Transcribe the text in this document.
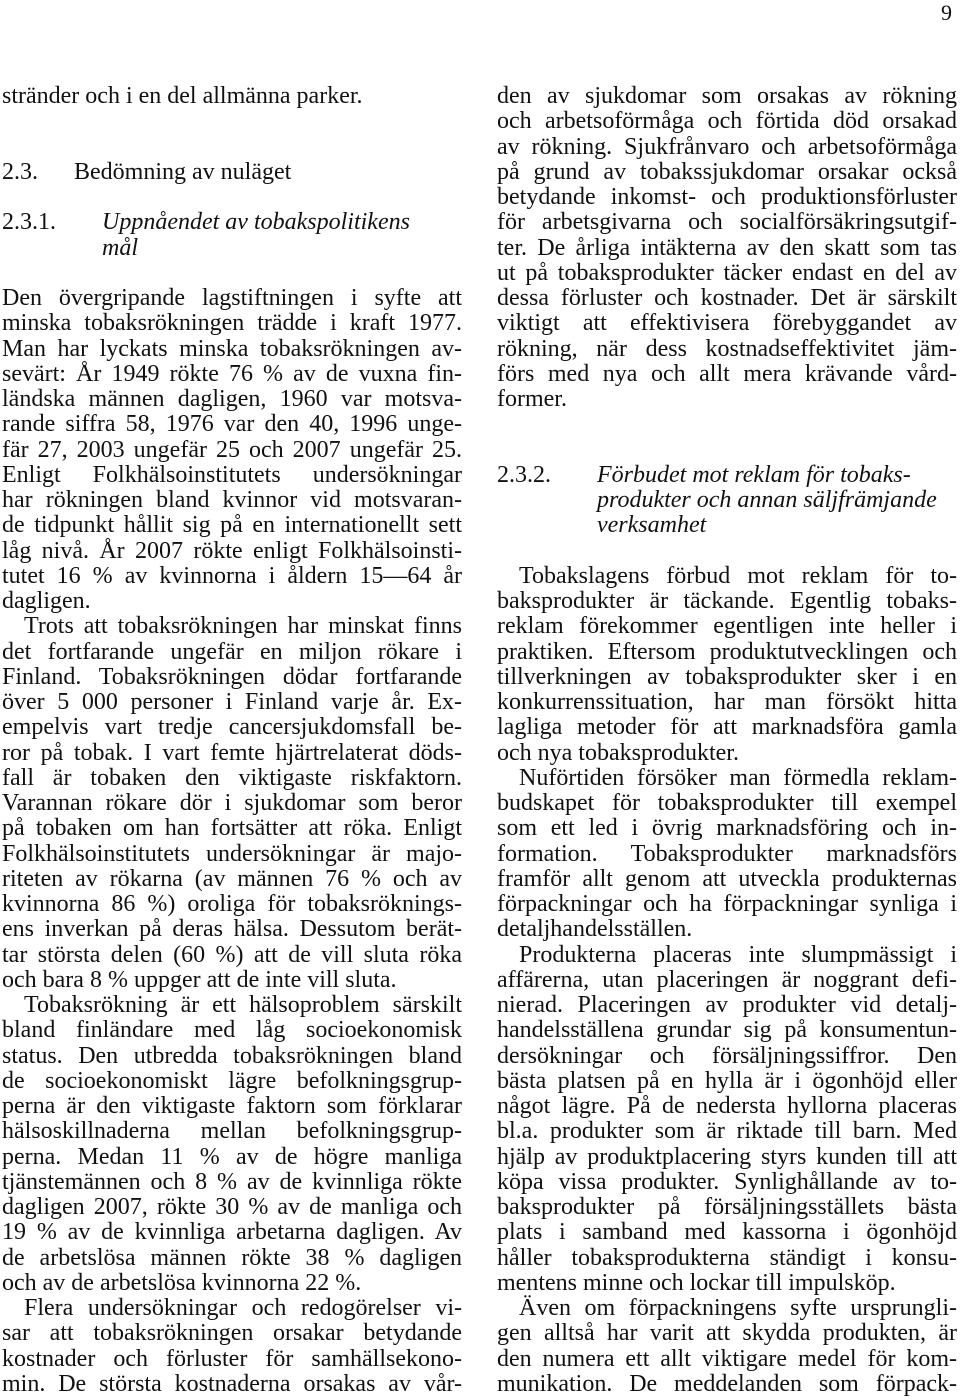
9
stränder och i en del allmänna parker.
2.3.	Bedömning av nuläget
2.3.1.	Uppnåendet av tobakspolitikens
mål
Den övergripande lagstiftningen i syfte att
minska tobaksrökningen trädde i kraft 1977.
Man har lyckats minska tobaksrökningen av-
sevärt: År 1949 rökte 76 % av de vuxna fin-
ländska männen dagligen, 1960 var motsva-
rande siffra 58, 1976 var den 40, 1996 unge-
fär 27, 2003 ungefär 25 och 2007 ungefär 25.
Enligt Folkhälsoinstitutets undersökningar
har rökningen bland kvinnor vid motsvaran-
de tidpunkt hållit sig på en internationellt sett
låg nivå. År 2007 rökte enligt Folkhälsoinsti-
tutet 16 % av kvinnorna i åldern 15—64 år
dagligen.
Trots att tobaksrökningen har minskat finns
det fortfarande ungefär en miljon rökare i
Finland. Tobaksrökningen dödar fortfarande
över 5 000 personer i Finland varje år. Ex-
empelvis vart tredje cancersjukdomsfall be-
ror på tobak. I vart femte hjärtrelaterat döds-
fall är tobaken den viktigaste riskfaktorn.
Varannan rökare dör i sjukdomar som beror
på tobaken om han fortsätter att röka. Enligt
Folkhälsoinstitutets undersökningar är majo-
riteten av rökarna (av männen 76 % och av
kvinnorna 86 %) oroliga för tobaksröknings-
ens inverkan på deras hälsa. Dessutom berät-
tar största delen (60 %) att de vill sluta röka
och bara 8 % uppger att de inte vill sluta.
Tobaksrökning är ett hälsoproblem särskilt
bland finländare med låg socioekonomisk
status. Den utbredda tobaksrökningen bland
de socioekonomiskt lägre befolkningsgrup-
perna är den viktigaste faktorn som förklarar
hälsoskillnaderna mellan befolkningsgrup-
perna. Medan 11 % av de högre manliga
tjänstemännen och 8 % av de kvinnliga rökte
dagligen 2007, rökte 30 % av de manliga och
19 % av de kvinnliga arbetarna dagligen. Av
de arbetslösa männen rökte 38 % dagligen
och av de arbetslösa kvinnorna 22 %.
Flera undersökningar och redogörelser vi-
sar att tobaksrökningen orsakar betydande
kostnader och förluster för samhällsekono-
min. De största kostnaderna orsakas av vår-
den av sjukdomar som orsakas av rökning
och arbetsoförmåga och förtida död orsakad
av rökning. Sjukfrånvaro och arbetsoförmåga
på grund av tobakssjukdomar orsakar också
betydande inkomst- och produktionsförluster
för arbetsgivarna och socialförsäkringsutgif-
ter. De årliga intäkterna av den skatt som tas
ut på tobaksprodukter täcker endast en del av
dessa förluster och kostnader. Det är särskilt
viktigt att effektivisera förebyggandet av
rökning, när dess kostnadseffektivitet jäm-
förs med nya och allt mera krävande vård-
former.
2.3.2.	Förbudet mot reklam för tobaks-
produkter och annan säljfrämjande
verksamhet
Tobakslagens förbud mot reklam för to-
baksprodukter är täckande. Egentlig tobaks-
reklam förekommer egentligen inte heller i
praktiken. Eftersom produktutvecklingen och
tillverkningen av tobaksprodukter sker i en
konkurrenssituation, har man försökt hitta
lagliga metoder för att marknadsföra gamla
och nya tobaksprodukter.
Nuförtiden försöker man förmedla reklam-
budskapet för tobaksprodukter till exempel
som ett led i övrig marknadsföring och in-
formation. Tobaksprodukter marknadsförs
framför allt genom att utveckla produkternas
förpackningar och ha förpackningar synliga i
detaljhandelsställen.
Produkterna placeras inte slumpmässigt i
affärerna, utan placeringen är noggrant defi-
nierad. Placeringen av produkter vid detalj-
handelsställena grundar sig på konsumentun-
dersökningar och försäljningssiffror. Den
bästa platsen på en hylla är i ögonhöjd eller
något lägre. På de nedersta hyllorna placeras
bl.a. produkter som är riktade till barn. Med
hjälp av produktplacering styrs kunden till att
köpa vissa produkter. Synlighållande av to-
baksprodukter på försäljningsställets bästa
plats i samband med kassorna i ögonhöjd
håller tobaksprodukterna ständigt i konsu-
mentens minne och lockar till impulsköp.
Även om förpackningens syfte ursprungli-
gen alltså har varit att skydda produkten, är
den numera ett allt viktigare medel för kom-
munikation. De meddelanden som förpack-
